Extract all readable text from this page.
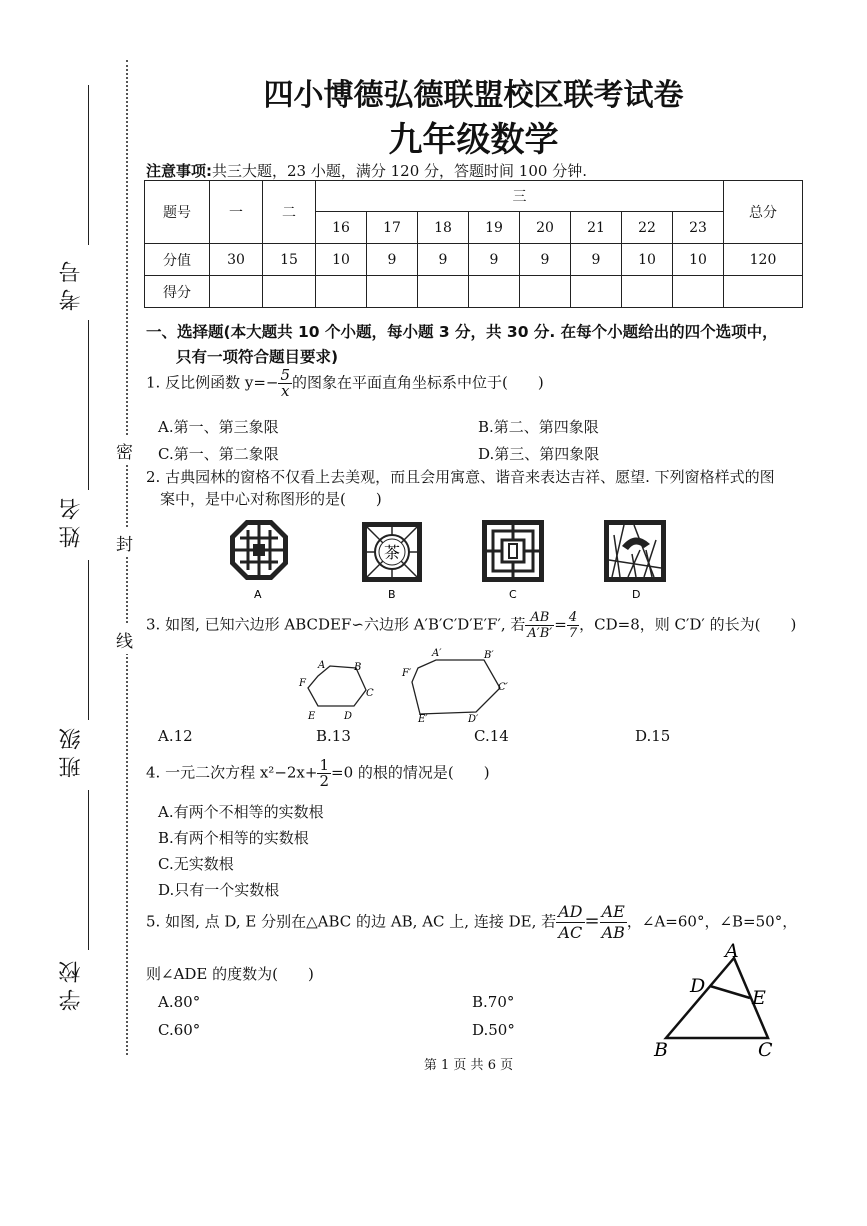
考号
姓名
班级
学校
密
封
线
四小博德弘德联盟校区联考试卷
九年级数学
注意事项:共三大题，23 小题，满分 120 分，答题时间 100 分钟.
题号	一	二	三								总分
			16	17	18	19	20	21	22	23	
分值	30	15	10	9	9	9	9	9	10	10	120
得分											
一、选择题(本大题共 10 个小题，每小题 3 分，共 30 分. 在每个小题给出的四个选项中，
只有一项符合题目要求)
1. 反比例函数 $y=- \frac{5}{x}$ 的图象在平面直角坐标系中位于(　　)
A.第一、第三象限	B.第二、第四象限
C.第一、第二象限	D.第三、第四象限
2. 古典园林的窗格不仅看上去美观，而且会用寓意、谐音来表达吉祥、愿望. 下列窗格样式的图
案中，是中心对称图形的是(　　)
A
茶
B	C	D
3. 如图, 已知六边形 ABCDEF∽六边形 A′B′C′D′E′F′, 若 $\frac{AB}{A'B'} = \frac{4}{7}$ ，CD=8，则 C′D′ 的长为(　　)
A	B
C
D
E
F
A′	B′
C′
D′
E′
F′
A.12	B.13	C.14	D.15
4. 一元二次方程 $x^2-2x+ \frac{1}{2} =0$ 的根的情况是(　　)
A.有两个不相等的实数根
B.有两个相等的实数根
C.无实数根
D.只有一个实数根
5. 如图, 点 D, E 分别在△ABC 的边 AB, AC 上, 连接 DE, 若 $\frac{AD}{AC} = \frac{AE}{AB}$ ，∠A=60°，∠B=50°，
则∠ADE 的度数为(　　)
A.80°	B.70°
C.60°	D.50°
A
B	C
D
E
第 1 页 共 6 页
